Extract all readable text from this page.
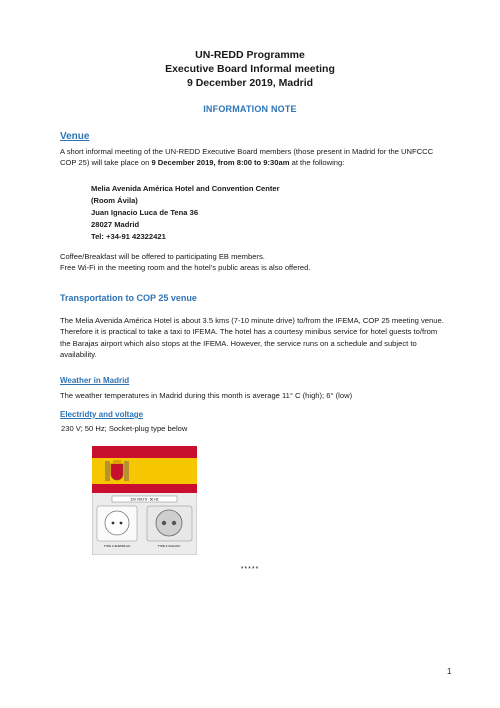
UN-REDD Programme
Executive Board Informal meeting
9 December 2019, Madrid
INFORMATION NOTE
Venue
A short informal meeting of the UN-REDD Executive Board members (those present in Madrid for the UNFCCC COP 25) will take place on 9 December 2019, from 8:00 to 9:30am at the following:
Melia Avenida América Hotel and Convention Center
(Room Ávila)
Juan Ignacio Luca de Tena 36
28027 Madrid
Tel: +34-91 42322421
Coffee/Breakfast will be offered to participating EB members.
Free Wi-Fi in the meeting room and the hotel’s public areas is also offered.
Transportation to COP 25 venue
The Melia Avenida América Hotel is about 3.5 kms (7-10 minute drive) to/from the IFEMA, COP 25 meeting venue. Therefore it is practical to take a taxi to IFEMA. The hotel has a courtesy minibus service for hotel guests to/from the Barajas airport which also stops at the IFEMA. However, the service runs on a schedule and subject to availability.
Weather in Madrid
The weather temperatures in Madrid during this month is average 11° C (high); 6° (low)
Electridty and voltage
230 V; 50 Hz; Socket-plug type below
220 VOLTS - 50 HZ
TYPE C EUROPLUG	TYPE F SCHUKO
*****
1
